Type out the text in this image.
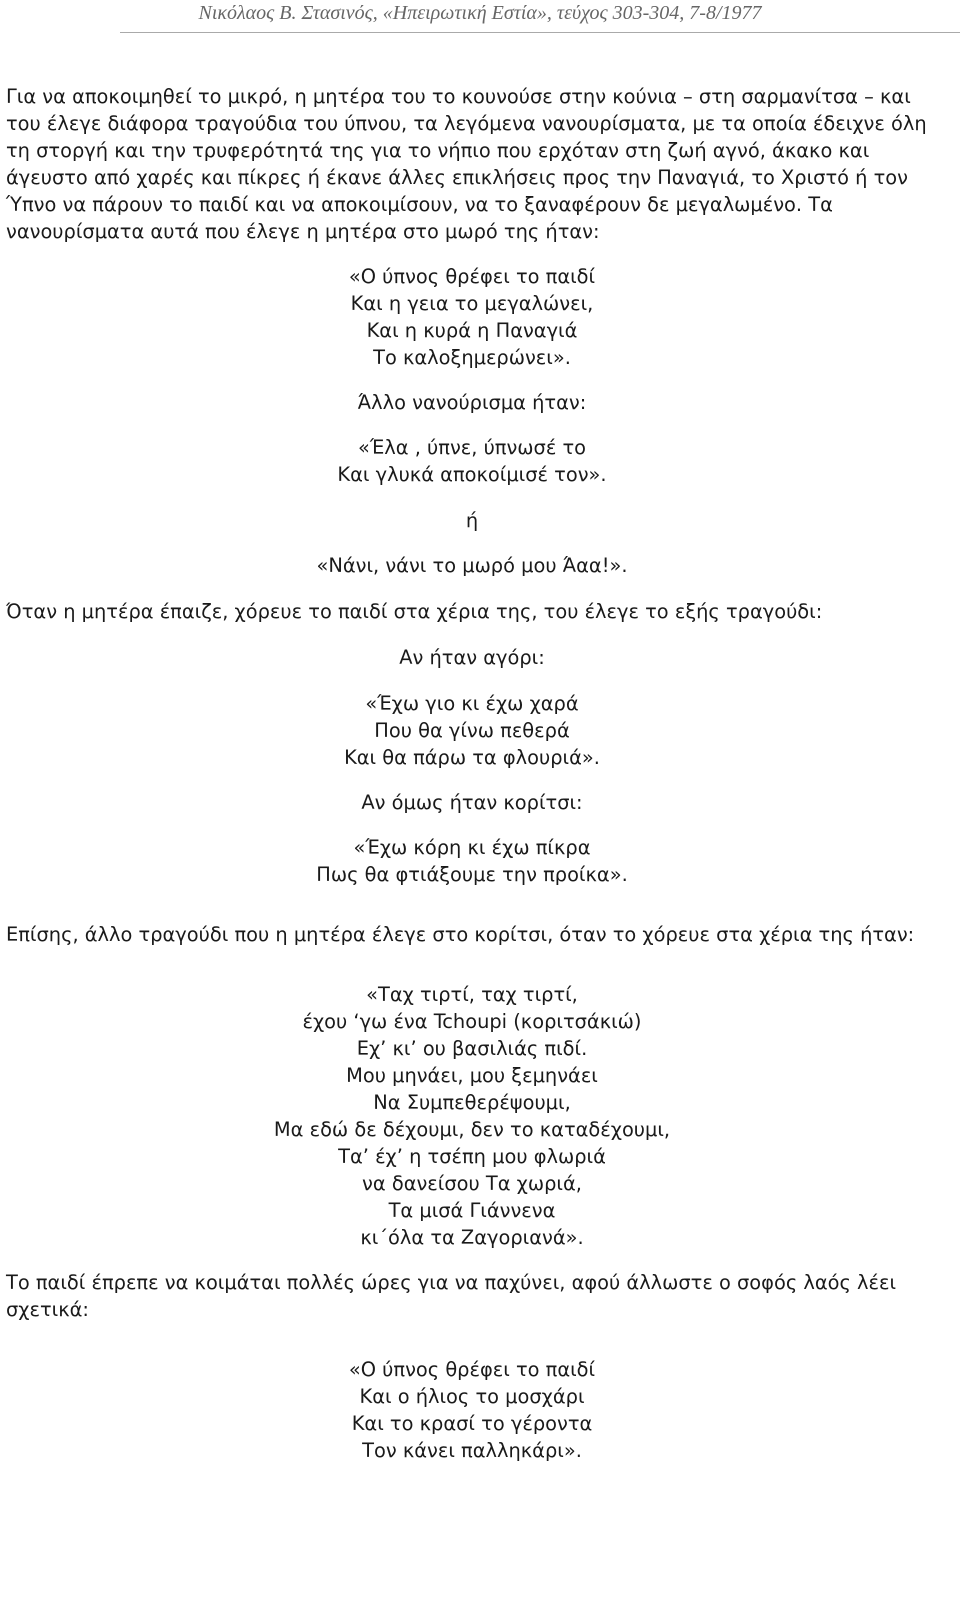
Νικόλαος Β. Στασινός, «Ηπειρωτική Εστία», τεύχος 303-304, 7-8/1977

Για να αποκοιμηθεί το μικρό, η μητέρα του το κουνούσε στην κούνια – στη σαρμανίτσα – και

του έλεγε διάφορα τραγούδια του ύπνου, τα λεγόμενα νανουρίσματα, με τα οποία έδειχνε όλη

τη στοργή και την τρυφερότητά της για το νήπιο που ερχόταν στη ζωή αγνό, άκακο και

άγευστο από χαρές και πίκρες ή έκανε άλλες επικλήσεις προς την Παναγιά, το Χριστό ή τον

Ύπνο να πάρουν το παιδί και να αποκοιμίσουν, να το ξαναφέρουν δε μεγαλωμένο. Τα

νανουρίσματα αυτά που έλεγε η μητέρα στο μωρό της ήταν:

«Ο ύπνος θρέφει το παιδί

Και η γεια το μεγαλώνει,

Και η κυρά η Παναγιά

Το καλοξημερώνει».

Άλλο νανούρισμα ήταν:

«Έλα , ύπνε, ύπνωσέ το

Και γλυκά αποκοίμισέ τον».

ή

«Νάνι, νάνι το μωρό μου Άαα!».

Όταν η μητέρα έπαιζε, χόρευε το παιδί στα χέρια της, του έλεγε το εξής τραγούδι:

Αν ήταν αγόρι:

«Έχω γιο κι έχω χαρά

Που θα γίνω πεθερά

Και θα πάρω τα φλουριά».

Αν όμως ήταν κορίτσι:

«Έχω κόρη κι έχω πίκρα

Πως θα φτιάξουμε την προίκα».

Επίσης, άλλο τραγούδι που η μητέρα έλεγε στο κορίτσι, όταν το χόρευε στα χέρια της ήταν:

«Ταχ τιρτί, ταχ τιρτί,

έχου ‘γω ένα Tchoupi (κοριτσάκιώ)

Εχ’ κι’ ου βασιλιάς πιδί.

Μου μηνάει, μου ξεμηνάει

Να Συμπεθερέψουμι,

Μα εδώ δε δέχουμι, δεν το καταδέχουμι,

Τα’ έχ’ η τσέπη μου φλωριά

να δανείσου Τα χωριά,

Τα μισά Γιάννενα

κι΄όλα τα Ζαγοριανά».

Το παιδί έπρεπε να κοιμάται πολλές ώρες για να παχύνει, αφού άλλωστε ο σοφός λαός λέει

σχετικά:

«Ο ύπνος θρέφει το παιδί

Και ο ήλιος το μοσχάρι

Και το κρασί το γέροντα

Τον κάνει παλληκάρι».
